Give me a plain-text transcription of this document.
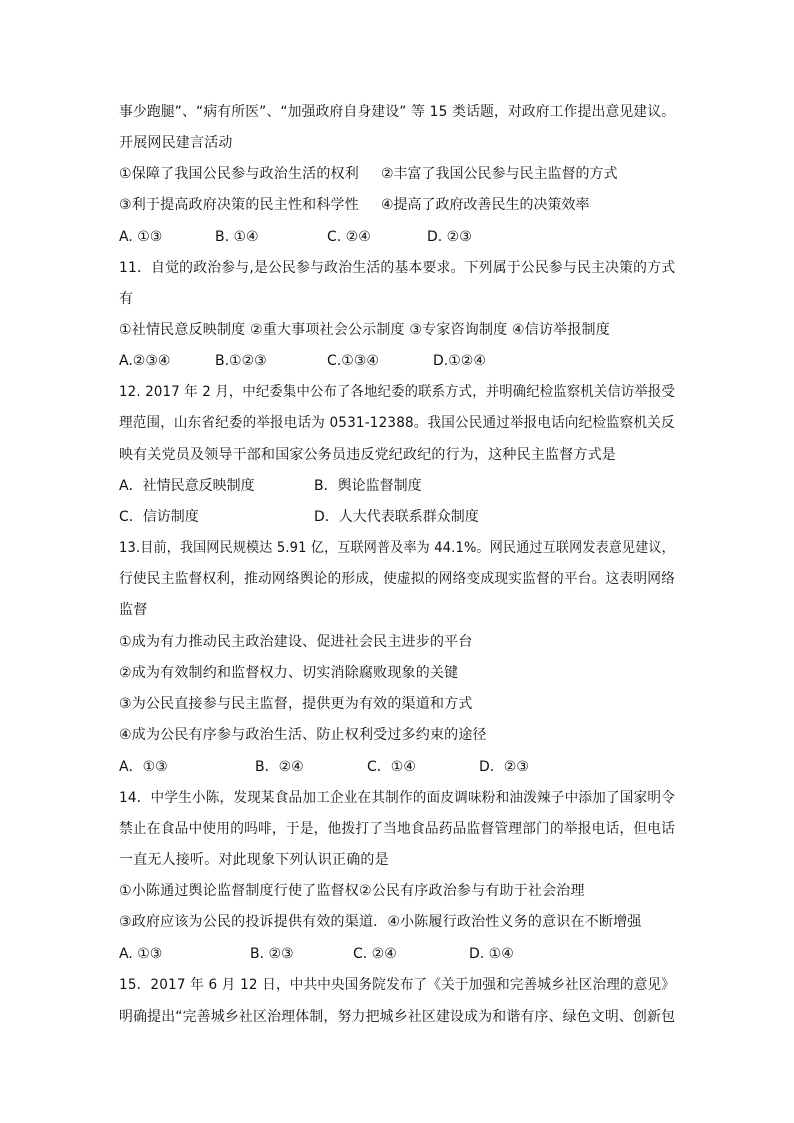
事少跑腿”、“病有所医”、“加强政府自身建设” 等 15 类话题，对政府工作提出意见建议。
开展网民建言活动
①保障了我国公民参与政治生活的权利 ②丰富了我国公民参与民主监督的方式
③利于提高政府决策的民主性和科学性 ④提高了政府改善民生的决策效率
A. ①③	B. ①④	C. ②④	D. ②③
11．自觉的政治参与,是公民参与政治生活的基本要求。下列属于公民参与民主决策的方式
有
①社情民意反映制度 ②重大事项社会公示制度 ③专家咨询制度 ④信访举报制度
A.②③④	B.①②③	C.①③④	D.①②④
12. 2017 年 2 月，中纪委集中公布了各地纪委的联系方式，并明确纪检监察机关信访举报受
理范围，山东省纪委的举报电话为 0531-12388。我国公民通过举报电话向纪检监察机关反
映有关党员及领导干部和国家公务员违反党纪政纪的行为，这种民主监督方式是
A．社情民意反映制度	B．舆论监督制度
C．信访制度	D．人大代表联系群众制度
13.目前，我国网民规模达 5.91 亿，互联网普及率为 44.1%。网民通过互联网发表意见建议，
行使民主监督权利，推动网络舆论的形成，使虚拟的网络变成现实监督的平台。这表明网络
监督
①成为有力推动民主政治建设、促进社会民主进步的平台
②成为有效制约和监督权力、切实消除腐败现象的关键
③为公民直接参与民主监督，提供更为有效的渠道和方式
④成为公民有序参与政治生活、防止权利受过多约束的途径
A．①③	B．②④	C．①④	D．②③
14．中学生小陈，发现某食品加工企业在其制作的面皮调味粉和油泼辣子中添加了国家明令
禁止在食品中使用的吗啡，于是，他拨打了当地食品药品监督管理部门的举报电话，但电话
一直无人接听。对此现象下列认识正确的是
①小陈通过舆论监督制度行使了监督权②公民有序政治参与有助于社会治理
③政府应该为公民的投诉提供有效的渠道．④小陈履行政治性义务的意识在不断增强
A. ①③	B. ②③	C. ②④	D. ①④
15．2017 年 6 月 12 日，中共中央国务院发布了《关于加强和完善城乡社区治理的意见》
明确提出“完善城乡社区治理体制，努力把城乡社区建设成为和谐有序、绿色文明、创新包
